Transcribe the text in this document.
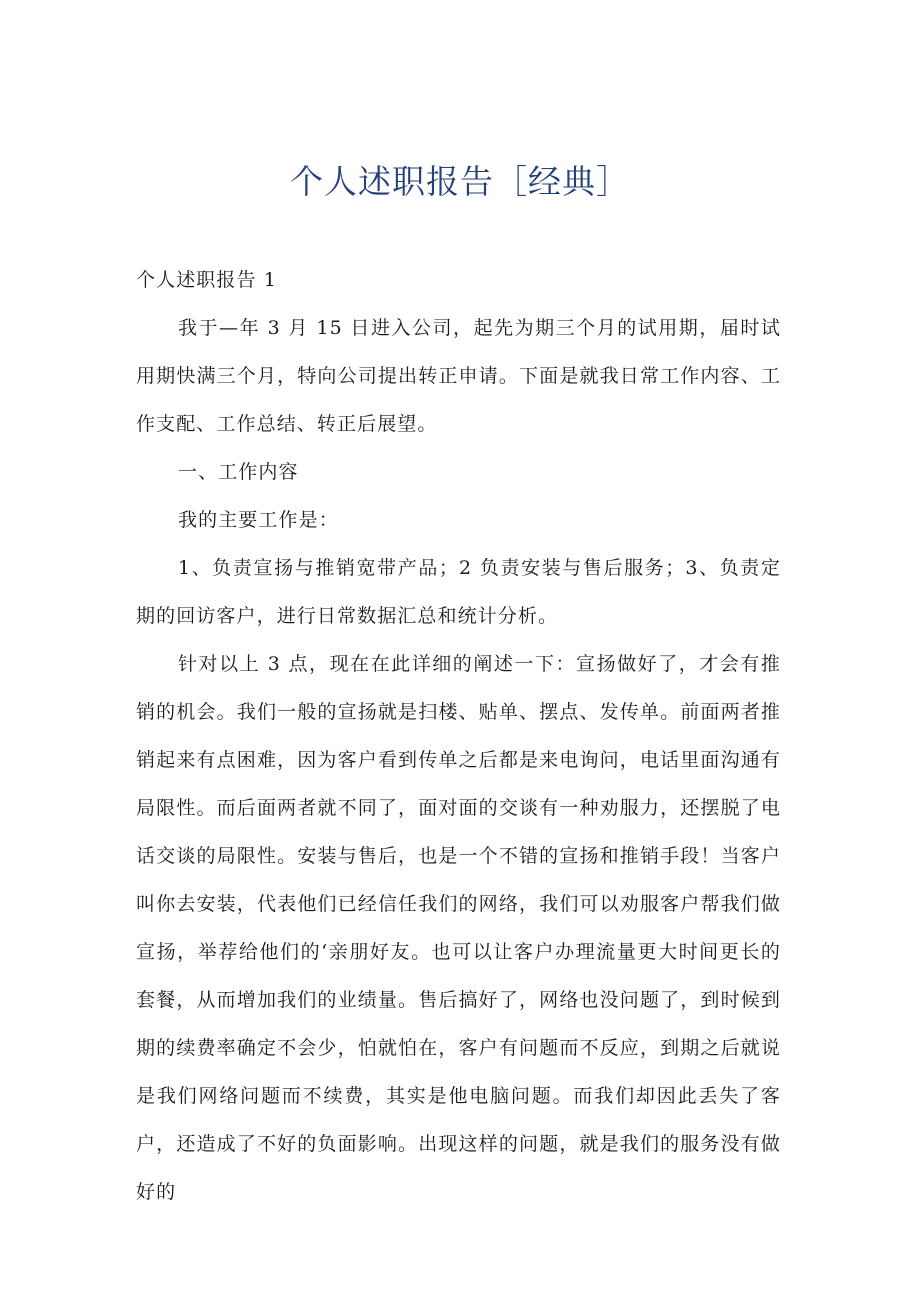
个人述职报告［经典］

个人述职报告 1

我于—年 3 月 15 日进入公司，起先为期三个月的试用期，届时试用期快满三个月，特向公司提出转正申请。下面是就我日常工作内容、工作支配、工作总结、转正后展望。

一、工作内容

我的主要工作是：

1、负责宣扬与推销宽带产品；2 负责安装与售后服务；3、负责定期的回访客户，进行日常数据汇总和统计分析。

针对以上 3 点，现在在此详细的阐述一下：宣扬做好了，才会有推销的机会。我们一般的宣扬就是扫楼、贴单、摆点、发传单。前面两者推销起来有点困难，因为客户看到传单之后都是来电询问，电话里面沟通有局限性。而后面两者就不同了，面对面的交谈有一种劝服力，还摆脱了电话交谈的局限性。安装与售后，也是一个不错的宣扬和推销手段！当客户叫你去安装，代表他们已经信任我们的网络，我们可以劝服客户帮我们做宣扬，举荐给他们的‘亲朋好友。也可以让客户办理流量更大时间更长的套餐，从而增加我们的业绩量。售后搞好了，网络也没问题了，到时候到期的续费率确定不会少，怕就怕在，客户有问题而不反应，到期之后就说是我们网络问题而不续费，其实是他电脑问题。而我们却因此丢失了客户，还造成了不好的负面影响。出现这样的问题，就是我们的服务没有做好的
